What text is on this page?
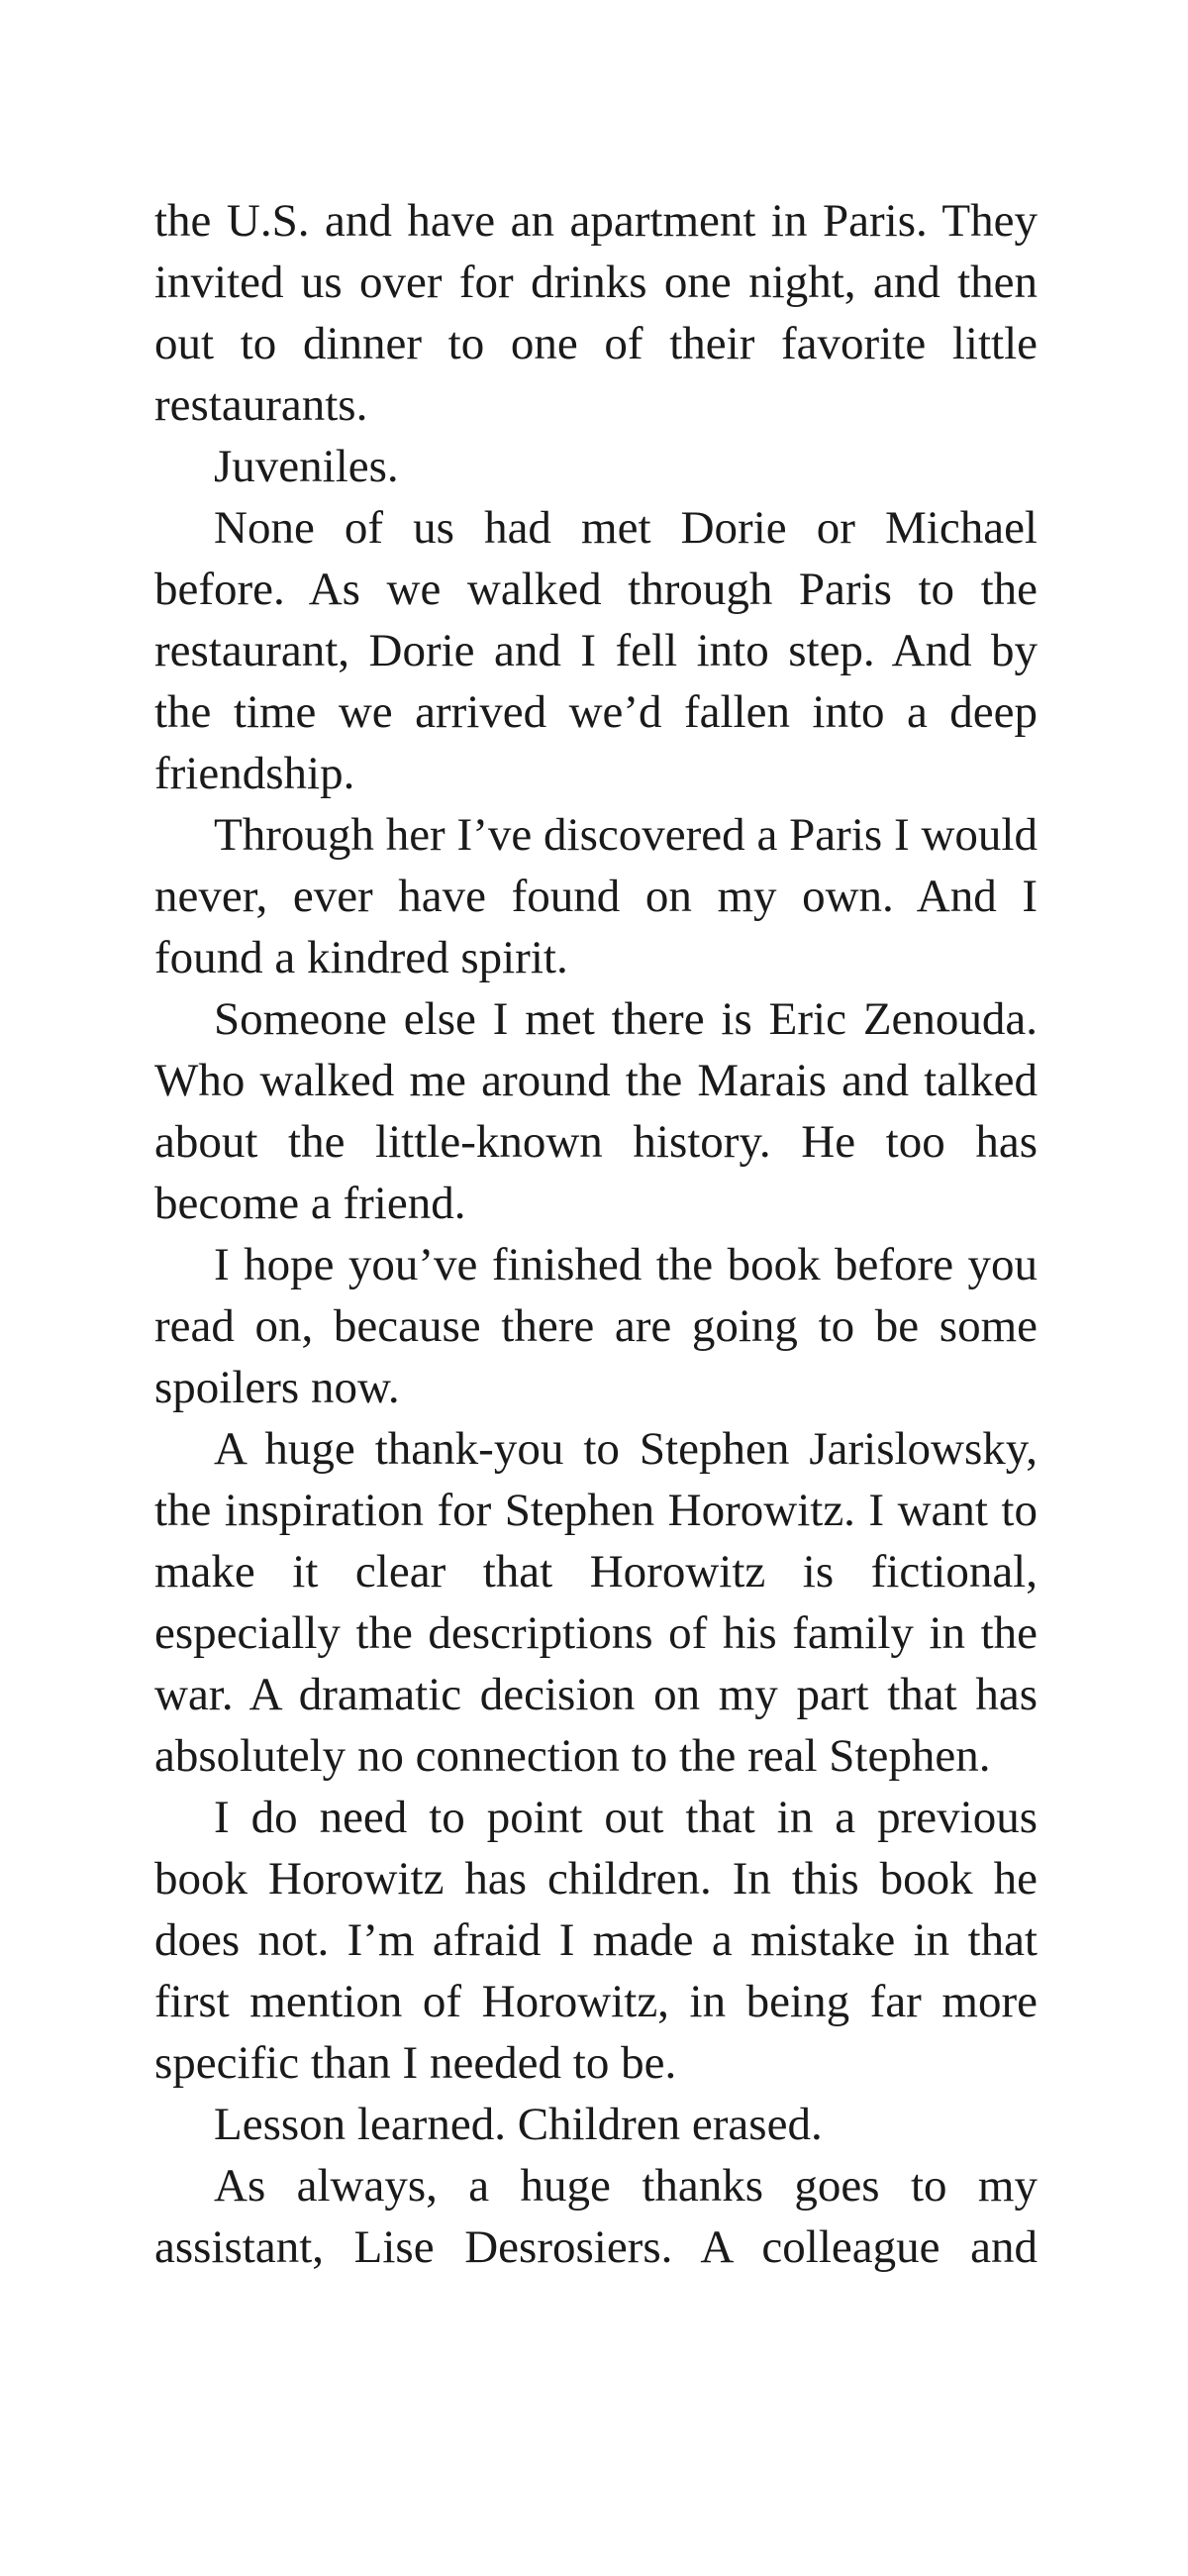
the U.S. and have an apartment in Paris. They invited us over for drinks one night, and then out to dinner to one of their favorite little restaurants.

Juveniles.

None of us had met Dorie or Michael before. As we walked through Paris to the restaurant, Dorie and I fell into step. And by the time we arrived we’d fallen into a deep friendship.

Through her I’ve discovered a Paris I would never, ever have found on my own. And I found a kindred spirit.

Someone else I met there is Eric Zenouda. Who walked me around the Marais and talked about the little-known history. He too has become a friend.

I hope you’ve finished the book before you read on, because there are going to be some spoilers now.

A huge thank-you to Stephen Jarislowsky, the inspiration for Stephen Horowitz. I want to make it clear that Horowitz is fictional, especially the descriptions of his family in the war. A dramatic decision on my part that has absolutely no connection to the real Stephen.

I do need to point out that in a previous book Horowitz has children. In this book he does not. I’m afraid I made a mistake in that first mention of Horowitz, in being far more specific than I needed to be.

Lesson learned. Children erased.

As always, a huge thanks goes to my assistant, Lise Desrosiers. A colleague and
